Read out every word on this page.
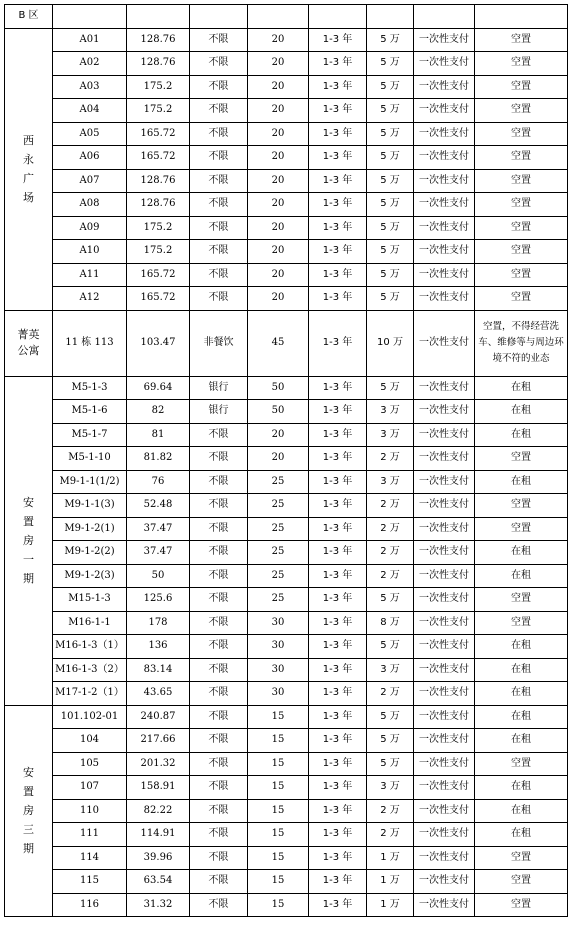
B 区								
西
永
广
场	A01	128.76	不限	20	1-3 年	5 万	一次性支付	空置
	A02	128.76	不限	20	1-3 年	5 万	一次性支付	空置
	A03	175.2	不限	20	1-3 年	5 万	一次性支付	空置
	A04	175.2	不限	20	1-3 年	5 万	一次性支付	空置
	A05	165.72	不限	20	1-3 年	5 万	一次性支付	空置
	A06	165.72	不限	20	1-3 年	5 万	一次性支付	空置
	A07	128.76	不限	20	1-3 年	5 万	一次性支付	空置
	A08	128.76	不限	20	1-3 年	5 万	一次性支付	空置
	A09	175.2	不限	20	1-3 年	5 万	一次性支付	空置
	A10	175.2	不限	20	1-3 年	5 万	一次性支付	空置
	A11	165.72	不限	20	1-3 年	5 万	一次性支付	空置
	A12	165.72	不限	20	1-3 年	5 万	一次性支付	空置
菁英
公寓	11 栋 113	103.47	非餐饮	45	1-3 年	10 万	一次性支付	空置，不得经营洗车、维修等与周边环境不符的业态
安
置
房
一
期	M5-1-3	69.64	银行	50	1-3 年	5 万	一次性支付	在租
	M5-1-6	82	银行	50	1-3 年	3 万	一次性支付	在租
	M5-1-7	81	不限	20	1-3 年	3 万	一次性支付	在租
	M5-1-10	81.82	不限	20	1-3 年	2 万	一次性支付	空置
	M9-1-1(1/2)	76	不限	25	1-3 年	3 万	一次性支付	在租
	M9-1-1(3)	52.48	不限	25	1-3 年	2 万	一次性支付	空置
	M9-1-2(1)	37.47	不限	25	1-3 年	2 万	一次性支付	空置
	M9-1-2(2)	37.47	不限	25	1-3 年	2 万	一次性支付	在租
	M9-1-2(3)	50	不限	25	1-3 年	2 万	一次性支付	在租
	M15-1-3	125.6	不限	25	1-3 年	5 万	一次性支付	空置
	M16-1-1	178	不限	30	1-3 年	8 万	一次性支付	空置
	M16-1-3（1）	136	不限	30	1-3 年	5 万	一次性支付	在租
	M16-1-3（2）	83.14	不限	30	1-3 年	3 万	一次性支付	在租
	M17-1-2（1）	43.65	不限	30	1-3 年	2 万	一次性支付	在租
安
置
房
三
期	101.102-01	240.87	不限	15	1-3 年	5 万	一次性支付	在租
	104	217.66	不限	15	1-3 年	5 万	一次性支付	在租
	105	201.32	不限	15	1-3 年	5 万	一次性支付	空置
	107	158.91	不限	15	1-3 年	3 万	一次性支付	在租
	110	82.22	不限	15	1-3 年	2 万	一次性支付	在租
	111	114.91	不限	15	1-3 年	2 万	一次性支付	在租
	114	39.96	不限	15	1-3 年	1 万	一次性支付	空置
	115	63.54	不限	15	1-3 年	1 万	一次性支付	空置
	116	31.32	不限	15	1-3 年	1 万	一次性支付	空置
